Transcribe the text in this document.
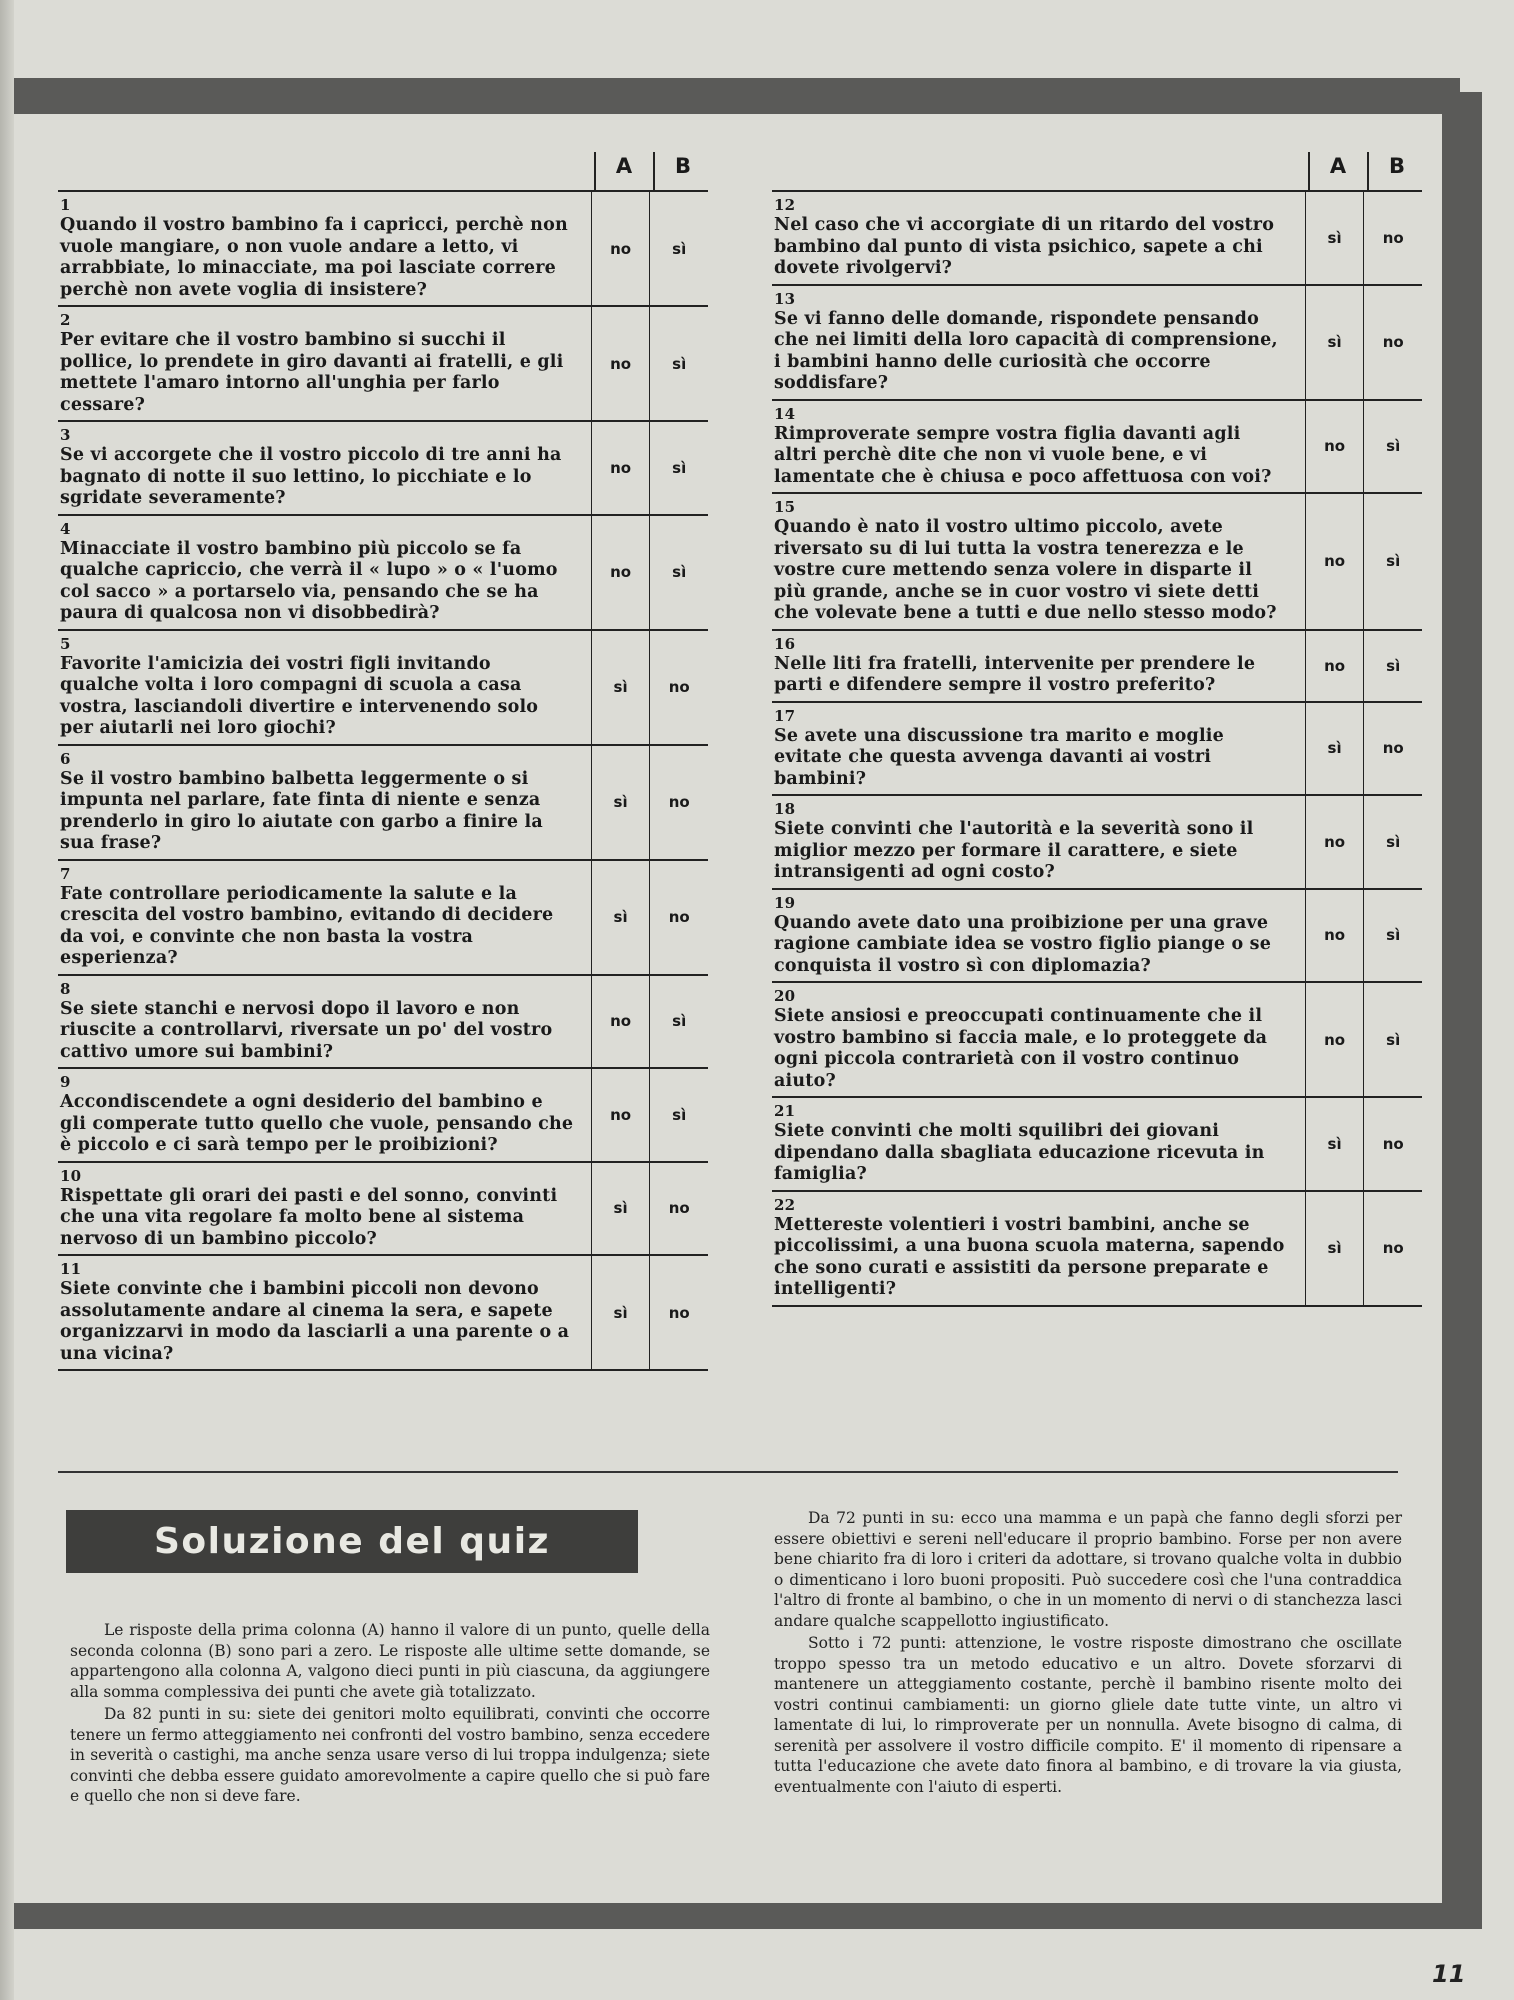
A	B
1
Quando il vostro bambino fa i capricci, perchè non vuole mangiare, o non vuole andare a letto, vi arrabbiate, lo minacciate, ma poi lasciate correre perchè non avete voglia di insistere?
no	sì
2
Per evitare che il vostro bambino si succhi il pollice, lo prendete in giro davanti ai fratelli, e gli mettete l'amaro intorno all'unghia per farlo cessare?
no	sì
3
Se vi accorgete che il vostro piccolo di tre anni ha bagnato di notte il suo lettino, lo picchiate e lo sgridate severamente?
no	sì
4
Minacciate il vostro bambino più piccolo se fa qualche capriccio, che verrà il « lupo » o « l'uomo col sacco » a portarselo via, pensando che se ha paura di qualcosa non vi disobbedirà?
no	sì
5
Favorite l'amicizia dei vostri figli invitando qualche volta i loro compagni di scuola a casa vostra, lasciandoli divertire e intervenendo solo per aiutarli nei loro giochi?
sì	no
6
Se il vostro bambino balbetta leggermente o si impunta nel parlare, fate finta di niente e senza prenderlo in giro lo aiutate con garbo a finire la sua frase?
sì	no
7
Fate controllare periodicamente la salute e la crescita del vostro bambino, evitando di decidere da voi, e convinte che non basta la vostra esperienza?
sì	no
8
Se siete stanchi e nervosi dopo il lavoro e non riuscite a controllarvi, riversate un po' del vostro cattivo umore sui bambini?
no	sì
9
Accondiscendete a ogni desiderio del bambino e gli comperate tutto quello che vuole, pensando che è piccolo e ci sarà tempo per le proibizioni?
no	sì
10
Rispettate gli orari dei pasti e del sonno, convinti che una vita regolare fa molto bene al sistema nervoso di un bambino piccolo?
sì	no
11
Siete convinte che i bambini piccoli non devono assolutamente andare al cinema la sera, e sapete organizzarvi in modo da lasciarli a una parente o a una vicina?
sì	no
A	B
12
Nel caso che vi accorgiate di un ritardo del vostro bambino dal punto di vista psichico, sapete a chi dovete rivolgervi?
sì	no
13
Se vi fanno delle domande, rispondete pensando che nei limiti della loro capacità di comprensione, i bambini hanno delle curiosità che occorre soddisfare?
sì	no
14
Rimproverate sempre vostra figlia davanti agli altri perchè dite che non vi vuole bene, e vi lamentate che è chiusa e poco affettuosa con voi?
no	sì
15
Quando è nato il vostro ultimo piccolo, avete riversato su di lui tutta la vostra tenerezza e le vostre cure mettendo senza volere in disparte il più grande, anche se in cuor vostro vi siete detti che volevate bene a tutti e due nello stesso modo?
no	sì
16
Nelle liti fra fratelli, intervenite per prendere le parti e difendere sempre il vostro preferito?
no	sì
17
Se avete una discussione tra marito e moglie evitate che questa avvenga davanti ai vostri bambini?
sì	no
18
Siete convinti che l'autorità e la severità sono il miglior mezzo per formare il carattere, e siete intransigenti ad ogni costo?
no	sì
19
Quando avete dato una proibizione per una grave ragione cambiate idea se vostro figlio piange o se conquista il vostro sì con diplomazia?
no	sì
20
Siete ansiosi e preoccupati continuamente che il vostro bambino si faccia male, e lo proteggete da ogni piccola contrarietà con il vostro continuo aiuto?
no	sì
21
Siete convinti che molti squilibri dei giovani dipendano dalla sbagliata educazione ricevuta in famiglia?
sì	no
22
Mettereste volentieri i vostri bambini, anche se piccolissimi, a una buona scuola materna, sapendo che sono curati e assistiti da persone preparate e intelligenti?
sì	no
Soluzione del quiz

Le risposte della prima colonna (A) hanno il valore di un punto, quelle della seconda colonna (B) sono pari a zero. Le risposte alle ultime sette domande, se appartengono alla colonna A, valgono dieci punti in più ciascuna, da aggiungere alla somma complessiva dei punti che avete già totalizzato.

Da 82 punti in su: siete dei genitori molto equilibrati, convinti che occorre tenere un fermo atteggiamento nei confronti del vostro bambino, senza eccedere in severità o castighi, ma anche senza usare verso di lui troppa indulgenza; siete convinti che debba essere guidato amorevolmente a capire quello che si può fare e quello che non si deve fare.

Da 72 punti in su: ecco una mamma e un papà che fanno degli sforzi per essere obiettivi e sereni nell'educare il proprio bambino. Forse per non avere bene chiarito fra di loro i criteri da adottare, si trovano qualche volta in dubbio o dimenticano i loro buoni propositi. Può succedere così che l'una contraddica l'altro di fronte al bambino, o che in un momento di nervi o di stanchezza lasci andare qualche scappellotto ingiustificato.

Sotto i 72 punti: attenzione, le vostre risposte dimostrano che oscillate troppo spesso tra un metodo educativo e un altro. Dovete sforzarvi di mantenere un atteggiamento costante, perchè il bambino risente molto dei vostri continui cambiamenti: un giorno gliele date tutte vinte, un altro vi lamentate di lui, lo rimproverate per un nonnulla. Avete bisogno di calma, di serenità per assolvere il vostro difficile compito. E' il momento di ripensare a tutta l'educazione che avete dato finora al bambino, e di trovare la via giusta, eventualmente con l'aiuto di esperti.

11
